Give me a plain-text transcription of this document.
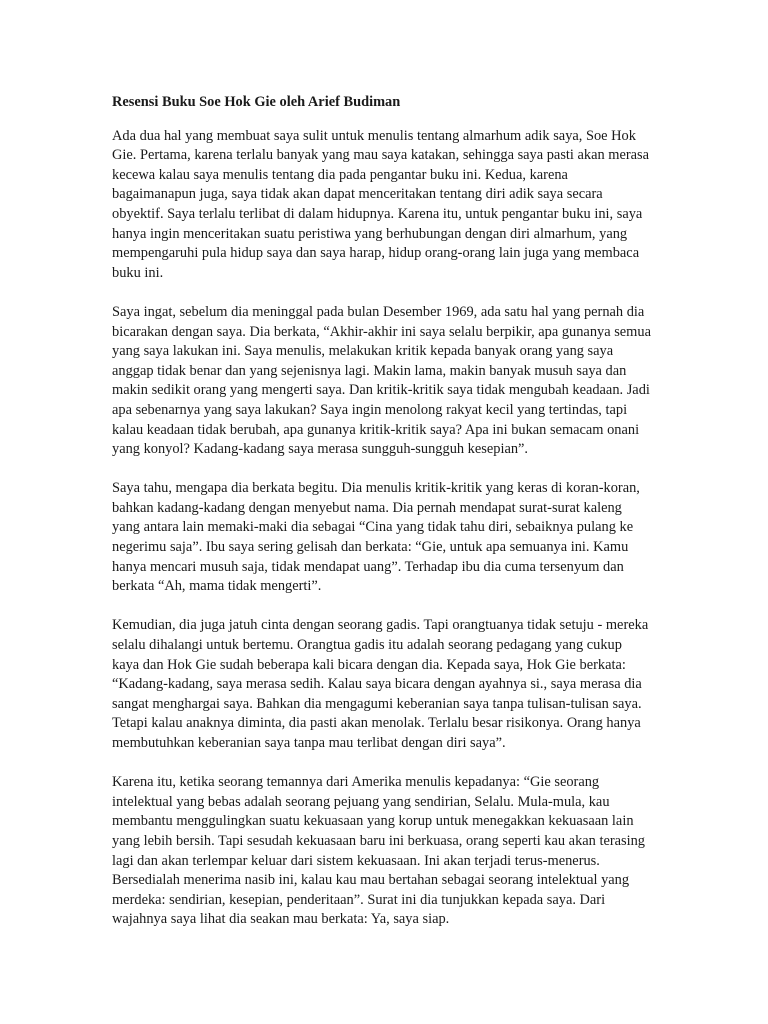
Resensi Buku Soe Hok Gie oleh Arief Budiman

Ada dua hal yang membuat saya sulit untuk menulis tentang almarhum adik saya, Soe Hok Gie. Pertama, karena terlalu banyak yang mau saya katakan, sehingga saya pasti akan merasa kecewa kalau saya menulis tentang dia pada pengantar buku ini. Kedua, karena bagaimanapun juga, saya tidak akan dapat menceritakan tentang diri adik saya secara obyektif. Saya terlalu terlibat di dalam hidupnya. Karena itu, untuk pengantar buku ini, saya hanya ingin menceritakan suatu peristiwa yang berhubungan dengan diri almarhum, yang mempengaruhi pula hidup saya dan saya harap, hidup orang-orang lain juga yang membaca buku ini.

Saya ingat, sebelum dia meninggal pada bulan Desember 1969, ada satu hal yang pernah dia bicarakan dengan saya. Dia berkata, “Akhir-akhir ini saya selalu berpikir, apa gunanya semua yang saya lakukan ini. Saya menulis, melakukan kritik kepada banyak orang yang saya anggap tidak benar dan yang sejenisnya lagi. Makin lama, makin banyak musuh saya dan makin sedikit orang yang mengerti saya. Dan kritik-kritik saya tidak mengubah keadaan. Jadi apa sebenarnya yang saya lakukan? Saya ingin menolong rakyat kecil yang tertindas, tapi kalau keadaan tidak berubah, apa gunanya kritik-kritik saya? Apa ini bukan semacam onani yang konyol? Kadang-kadang saya merasa sungguh-sungguh kesepian”.

Saya tahu, mengapa dia berkata begitu. Dia menulis kritik-kritik yang keras di koran-koran, bahkan kadang-kadang dengan menyebut nama. Dia pernah mendapat surat-surat kaleng yang antara lain memaki-maki dia sebagai “Cina yang tidak tahu diri, sebaiknya pulang ke negerimu saja”. Ibu saya sering gelisah dan berkata: “Gie, untuk apa semuanya ini. Kamu hanya mencari musuh saja, tidak mendapat uang”. Terhadap ibu dia cuma tersenyum dan berkata “Ah, mama tidak mengerti”.

Kemudian, dia juga jatuh cinta dengan seorang gadis. Tapi orangtuanya tidak setuju - mereka selalu dihalangi untuk bertemu. Orangtua gadis itu adalah seorang pedagang yang cukup kaya dan Hok Gie sudah beberapa kali bicara dengan dia. Kepada saya, Hok Gie berkata: “Kadang-kadang, saya merasa sedih. Kalau saya bicara dengan ayahnya si., saya merasa dia sangat menghargai saya. Bahkan dia mengagumi keberanian saya tanpa tulisan-tulisan saya. Tetapi kalau anaknya diminta, dia pasti akan menolak. Terlalu besar risikonya. Orang hanya membutuhkan keberanian saya tanpa mau terlibat dengan diri saya”.

Karena itu, ketika seorang temannya dari Amerika menulis kepadanya: “Gie seorang intelektual yang bebas adalah seorang pejuang yang sendirian, Selalu. Mula-mula, kau membantu menggulingkan suatu kekuasaan yang korup untuk menegakkan kekuasaan lain yang lebih bersih. Tapi sesudah kekuasaan baru ini berkuasa, orang seperti kau akan terasing lagi dan akan terlempar keluar dari sistem kekuasaan. Ini akan terjadi terus-menerus. Bersedialah menerima nasib ini, kalau kau mau bertahan sebagai seorang intelektual yang merdeka: sendirian, kesepian, penderitaan”. Surat ini dia tunjukkan kepada saya. Dari wajahnya saya lihat dia seakan mau berkata: Ya, saya siap.
